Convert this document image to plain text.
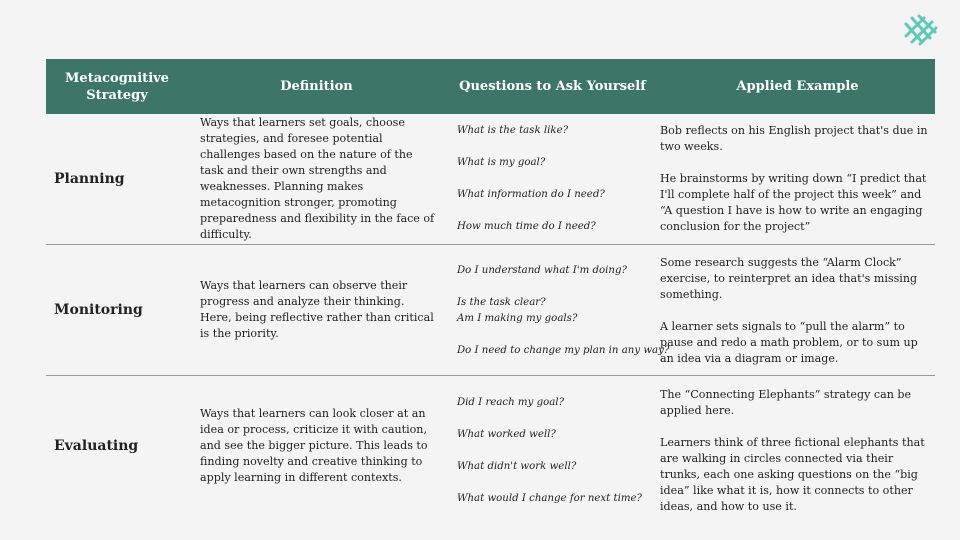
Metacognitive Strategy
Definition	Questions to Ask Yourself	Applied Example
Planning
Ways that learners set goals, choose strategies, and foresee potential challenges based on the nature of the task and their own strengths and weaknesses. Planning makes metacognition stronger, promoting preparedness and flexibility in the face of difficulty.
What is the task like?
What is my goal?
What information do I need?
How much time do I need?

Bob reflects on his English project that's due in two weeks.

He brainstorms by writing down “I predict that I'll complete half of the project this week” and “A question I have is how to write an engaging conclusion for the project”

Monitoring
Ways that learners can observe their progress and analyze their thinking. Here, being reflective rather than critical is the priority.
Do I understand what I'm doing?
Is the task clear?
Am I making my goals?
Do I need to change my plan in any way?

Some research suggests the “Alarm Clock” exercise, to reinterpret an idea that's missing something.

A learner sets signals to “pull the alarm” to pause and redo a math problem, or to sum up an idea via a diagram or image.

Evaluating
Ways that learners can look closer at an idea or process, criticize it with caution, and see the bigger picture. This leads to finding novelty and creative thinking to apply learning in different contexts.
Did I reach my goal?
What worked well?
What didn't work well?
What would I change for next time?

The “Connecting Elephants” strategy can be applied here.

Learners think of three fictional elephants that are walking in circles connected via their trunks, each one asking questions on the “big idea” like what it is, how it connects to other ideas, and how to use it.
